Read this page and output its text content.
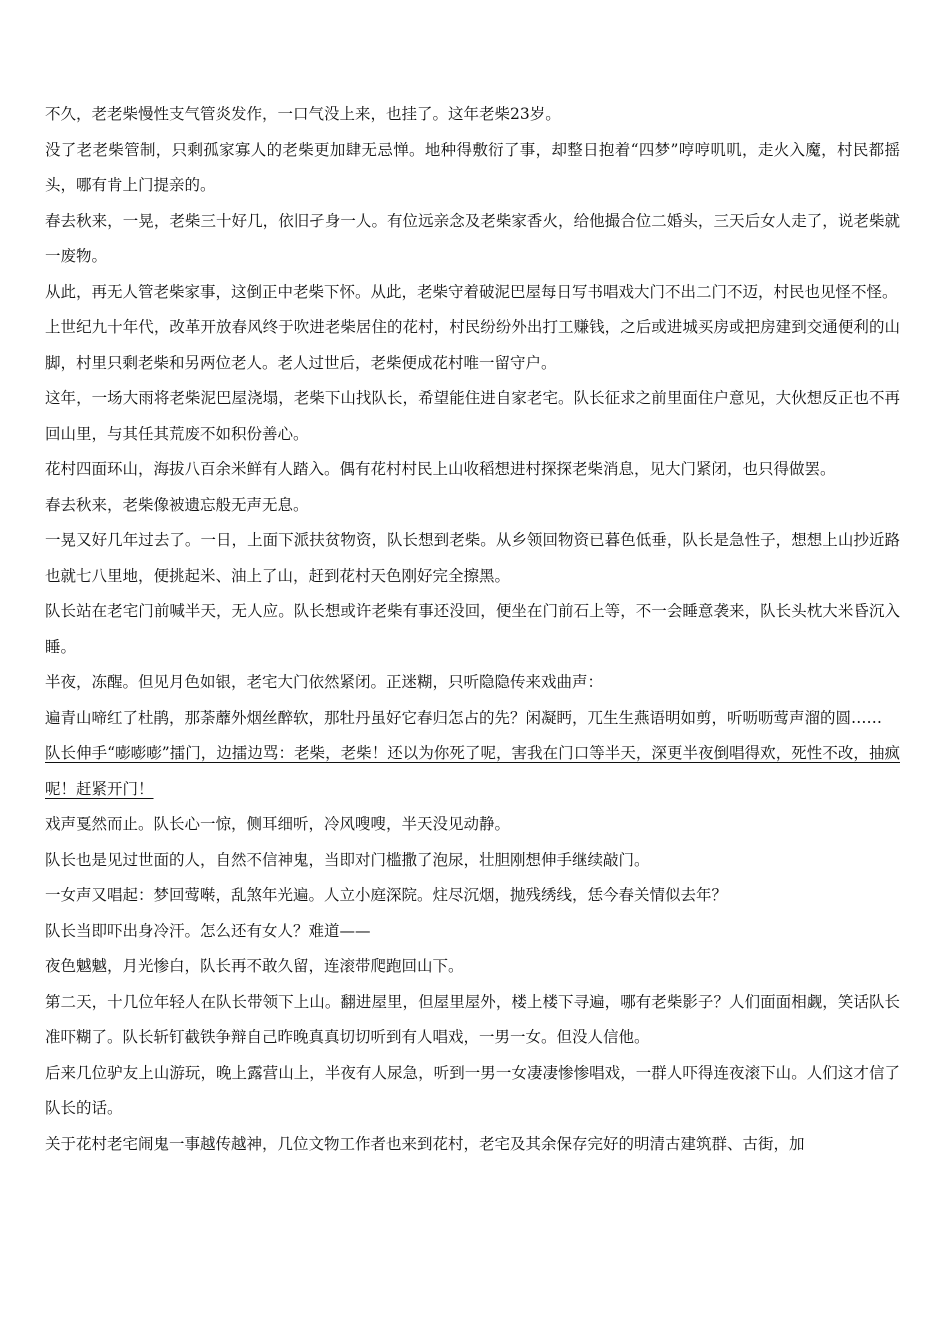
不久，老老柴慢性支气管炎发作，一口气没上来，也挂了。这年老柴23岁。

没了老老柴管制，只剩孤家寡人的老柴更加肆无忌惮。地种得敷衍了事，却整日抱着“四梦”哼哼叽叽，走火入魔，村民都摇头，哪有肯上门提亲的。

春去秋来，一晃，老柴三十好几，依旧孑身一人。有位远亲念及老柴家香火，给他撮合位二婚头，三天后女人走了，说老柴就一废物。

从此，再无人管老柴家事，这倒正中老柴下怀。从此，老柴守着破泥巴屋每日写书唱戏大门不出二门不迈，村民也见怪不怪。

上世纪九十年代，改革开放春风终于吹进老柴居住的花村，村民纷纷外出打工赚钱，之后或进城买房或把房建到交通便利的山脚，村里只剩老柴和另两位老人。老人过世后，老柴便成花村唯一留守户。

这年，一场大雨将老柴泥巴屋浇塌，老柴下山找队长，希望能住进自家老宅。队长征求之前里面住户意见，大伙想反正也不再回山里，与其任其荒废不如积份善心。

花村四面环山，海拔八百余米鲜有人踏入。偶有花村村民上山收稻想进村探探老柴消息，见大门紧闭，也只得做罢。

春去秋来，老柴像被遗忘般无声无息。

一晃又好几年过去了。一日，上面下派扶贫物资，队长想到老柴。从乡领回物资已暮色低垂，队长是急性子，想想上山抄近路也就七八里地，便挑起米、油上了山，赶到花村天色刚好完全擦黑。

队长站在老宅门前喊半天，无人应。队长想或许老柴有事还没回，便坐在门前石上等，不一会睡意袭来，队长头枕大米昏沉入睡。

半夜，冻醒。但见月色如银，老宅大门依然紧闭。正迷糊，只听隐隐传来戏曲声：

遍青山啼红了杜鹃，那荼蘼外烟丝醉软，那牡丹虽好它春归怎占的先？闲凝眄，兀生生燕语明如剪，听呖呖莺声溜的圆……

队长伸手“嘭嘭嘭”擂门，边擂边骂：老柴，老柴！还以为你死了呢，害我在门口等半天，深更半夜倒唱得欢，死性不改，抽疯呢！赶紧开门！

戏声戛然而止。队长心一惊，侧耳细听，冷风嗖嗖，半天没见动静。

队长也是见过世面的人，自然不信神鬼，当即对门槛撒了泡尿，壮胆刚想伸手继续敲门。

一女声又唱起：梦回莺啭，乱煞年光遍。人立小庭深院。炷尽沉烟，抛残绣线，恁今春关情似去年？

队长当即吓出身冷汗。怎么还有女人？难道——

夜色魆魆，月光惨白，队长再不敢久留，连滚带爬跑回山下。

第二天，十几位年轻人在队长带领下上山。翻进屋里，但屋里屋外，楼上楼下寻遍，哪有老柴影子？人们面面相觑，笑话队长准吓糊了。队长斩钉截铁争辩自己昨晚真真切切听到有人唱戏，一男一女。但没人信他。

后来几位驴友上山游玩，晚上露营山上，半夜有人尿急，听到一男一女凄凄惨惨唱戏，一群人吓得连夜滚下山。人们这才信了队长的话。

关于花村老宅闹鬼一事越传越神，几位文物工作者也来到花村，老宅及其余保存完好的明清古建筑群、古街，加
